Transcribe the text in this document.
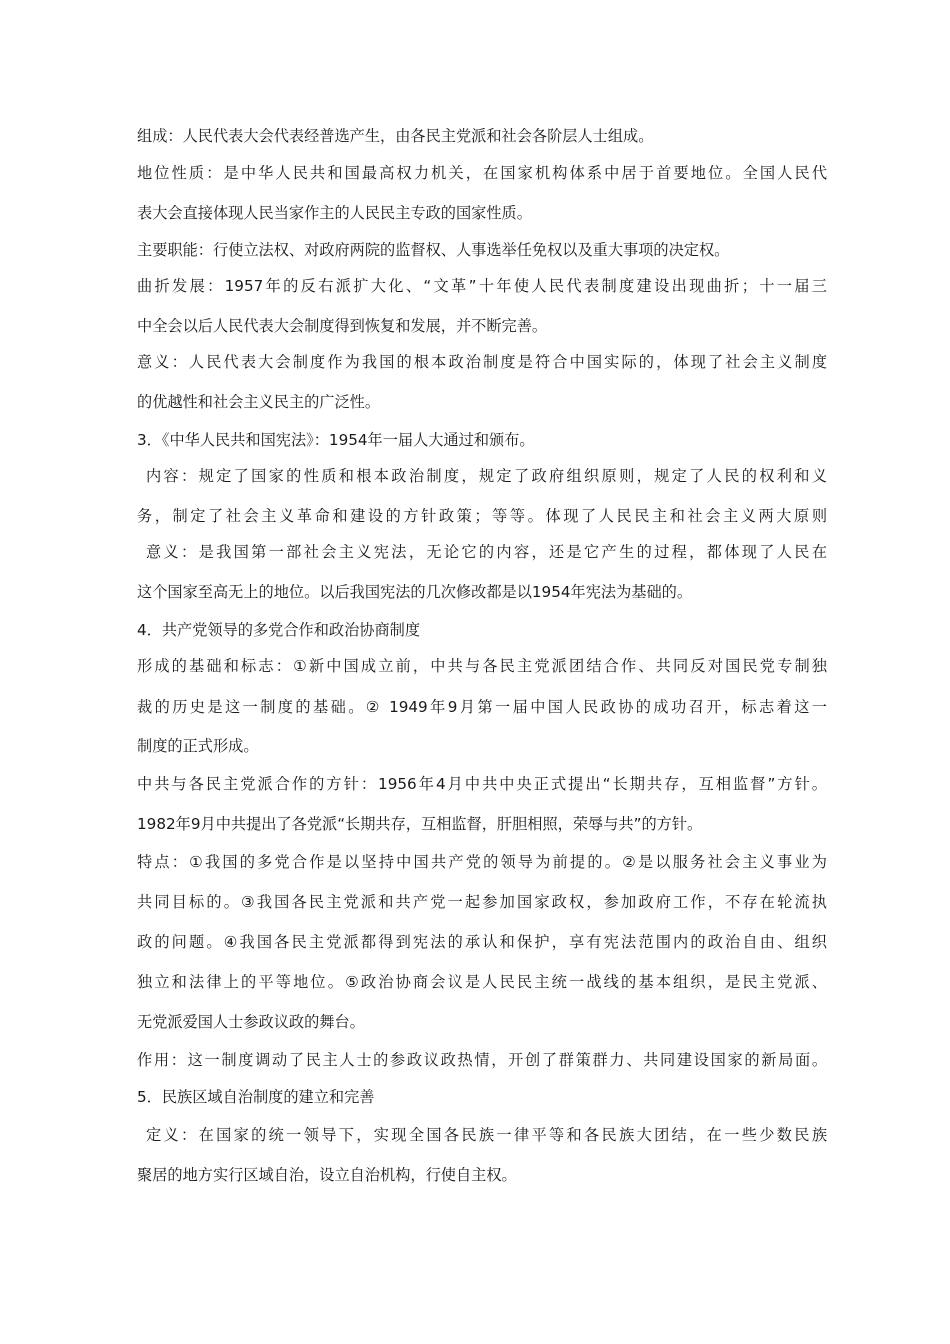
组成：人民代表大会代表经普选产生，由各民主党派和社会各阶层人士组成。
地位性质：是中华人民共和国最高权力机关，在国家机构体系中居于首要地位。全国人民代
表大会直接体现人民当家作主的人民民主专政的国家性质。
主要职能：行使立法权、对政府两院的监督权、人事选举任免权以及重大事项的决定权。
曲折发展：1957年的反右派扩大化、“文革”十年使人民代表制度建设出现曲折；十一届三
中全会以后人民代表大会制度得到恢复和发展，并不断完善。
意义：人民代表大会制度作为我国的根本政治制度是符合中国实际的，体现了社会主义制度
的优越性和社会主义民主的广泛性。
3．《中华人民共和国宪法》：1954年一届人大通过和颁布。
内容：规定了国家的性质和根本政治制度，规定了政府组织原则，规定了人民的权利和义
务，制定了社会主义革命和建设的方针政策；等等。体现了人民民主和社会主义两大原则
意义：是我国第一部社会主义宪法，无论它的内容，还是它产生的过程，都体现了人民在
这个国家至高无上的地位。以后我国宪法的几次修改都是以1954年宪法为基础的。
4．共产党领导的多党合作和政治协商制度
形成的基础和标志：①新中国成立前，中共与各民主党派团结合作、共同反对国民党专制独
裁的历史是这一制度的基础。② 1949年9月第一届中国人民政协的成功召开，标志着这一
制度的正式形成。
中共与各民主党派合作的方针：1956年4月中共中央正式提出“长期共存，互相监督”方针。
1982年9月中共提出了各党派“长期共存，互相监督，肝胆相照，荣辱与共”的方针。
特点：①我国的多党合作是以坚持中国共产党的领导为前提的。②是以服务社会主义事业为
共同目标的。③我国各民主党派和共产党一起参加国家政权，参加政府工作，不存在轮流执
政的问题。④我国各民主党派都得到宪法的承认和保护，享有宪法范围内的政治自由、组织
独立和法律上的平等地位。⑤政治协商会议是人民民主统一战线的基本组织，是民主党派、
无党派爱国人士参政议政的舞台。
作用：这一制度调动了民主人士的参政议政热情，开创了群策群力、共同建设国家的新局面。
5．民族区域自治制度的建立和完善
定义：在国家的统一领导下，实现全国各民族一律平等和各民族大团结，在一些少数民族
聚居的地方实行区域自治，设立自治机构，行使自主权。
